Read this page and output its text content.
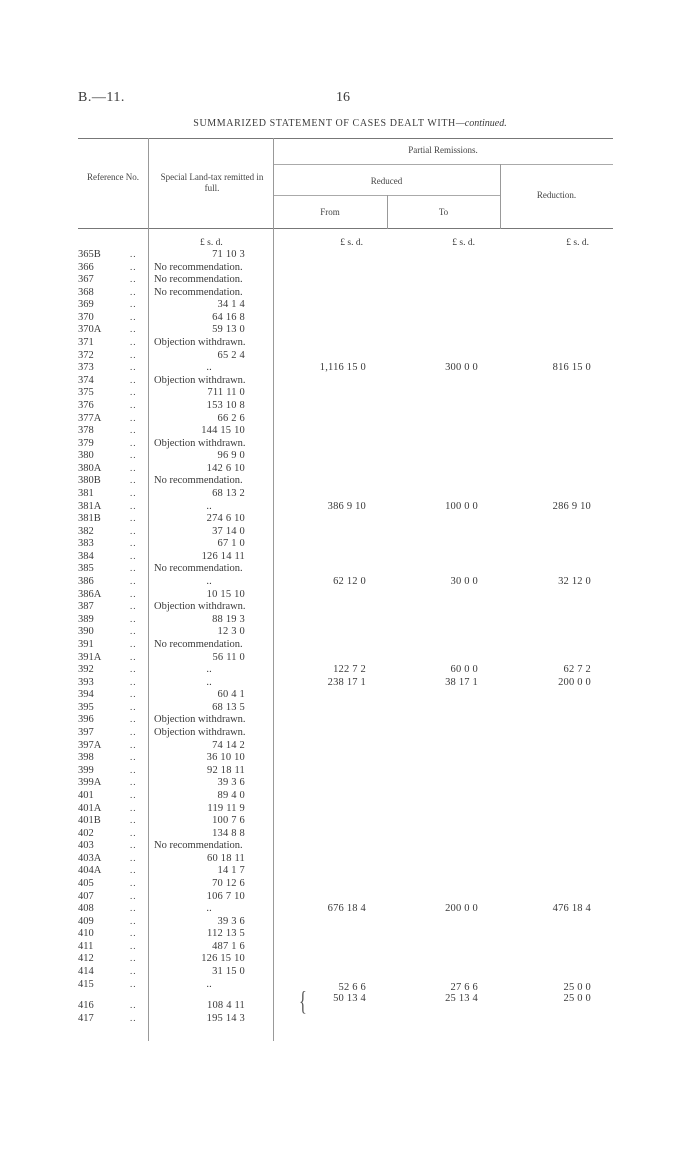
B.—11.	16
SUMMARIZED STATEMENT OF CASES DEALT WITH—continued.
Reference No.	Special Land-tax remitted in full.
Partial Remissions.
Reduced
From	To
Reduction.
£ s. d.	£ s. d.	£ s. d.	£ s. d.
{
365B	..	71 10 3
366	.. No recommendation.
367	.. No recommendation.
368	.. No recommendation.
369	..	34 1 4
370	..	64 16 8
370A	..	59 13 0
371	.. Objection withdrawn.
372	..	65 2 4
373	..	..	1,116 15 0	300 0 0	816 15 0
374	.. Objection withdrawn.
375	..	711 11 0
376	..	153 10 8
377A	..	66 2 6
378	..	144 15 10
379	.. Objection withdrawn.
380	..	96 9 0
380A	..	142 6 10
380B	.. No recommendation.
381	..	68 13 2
381A	..	..	386 9 10	100 0 0	286 9 10
381B	..	274 6 10
382	..	37 14 0
383	..	67 1 0
384	..	126 14 11
385	.. No recommendation.
386	..	..	62 12 0	30 0 0	32 12 0
386A	..	10 15 10
387	.. Objection withdrawn.
389	..	88 19 3
390	..	12 3 0
391	.. No recommendation.
391A	..	56 11 0
392	..	..	122 7 2	60 0 0	62 7 2
393	..	..	238 17 1	38 17 1	200 0 0
394	..	60 4 1
395	..	68 13 5
396	.. Objection withdrawn.
397	.. Objection withdrawn.
397A	..	74 14 2
398	..	36 10 10
399	..	92 18 11
399A	..	39 3 6
401	..	89 4 0
401A	..	119 11 9
401B	..	100 7 6
402	..	134 8 8
403	.. No recommendation.
403A	..	60 18 11
404A	..	14 1 7
405	..	70 12 6
407	..	106 7 10
408	..	..	676 18 4	200 0 0	476 18 4
409	..	39 3 6
410	..	112 13 5
411	..	487 1 6
412	..	126 15 10
414	..	31 15 0
415	..	..	52 6 6	27 6 6	25 0 0
50 13 4	25 13 4	25 0 0
416	..	108 4 11
417	..	195 14 3
